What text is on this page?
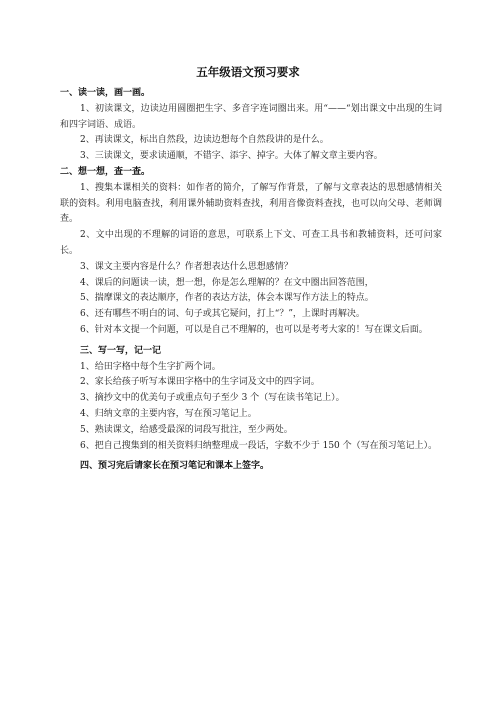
五年级语文预习要求
一、读一读，画一画。
1、初读课文，边读边用圆圈把生字、多音字连词圈出来。用“——“划出课文中出现的生词和四字词语、成语。
2、再读课文，标出自然段，边读边想每个自然段讲的是什么。
3、三读课文，要求读通顺，不错字、添字、掉字。大体了解文章主要内容。
二、想一想，查一查。
1、搜集本课相关的资料：如作者的简介，了解写作背景，了解与文章表达的思想感情相关联的资料。利用电脑查找，利用课外辅助资料查找，利用音像资料查找，也可以向父母、老师调查。
2、文中出现的不理解的词语的意思，可联系上下文、可查工具书和教辅资料，还可问家长。
3、课文主要内容是什么？作者想表达什么思想感情？
4、课后的问题读一读，想一想，你是怎么理解的？在文中圈出回答范围，
5、揣摩课文的表达顺序，作者的表达方法，体会本课写作方法上的特点。
6、还有哪些不明白的词、句子或其它疑问，打上“？”，上课时再解决。
6、针对本文提一个问题，可以是自己不理解的，也可以是考考大家的！写在课文后面。
三、写一写，记一记
1、给田字格中每个生字扩两个词。
2、家长给孩子听写本课田字格中的生字词及文中的四字词。
3、摘抄文中的优美句子或重点句子至少 3 个（写在读书笔记上）。
4、归纳文章的主要内容，写在预习笔记上。
5、熟读课文，给感受最深的词段写批注，至少两处。
6、把自己搜集到的相关资料归纳整理成一段话，字数不少于 150 个（写在预习笔记上）。
四、预习完后请家长在预习笔记和课本上签字。
